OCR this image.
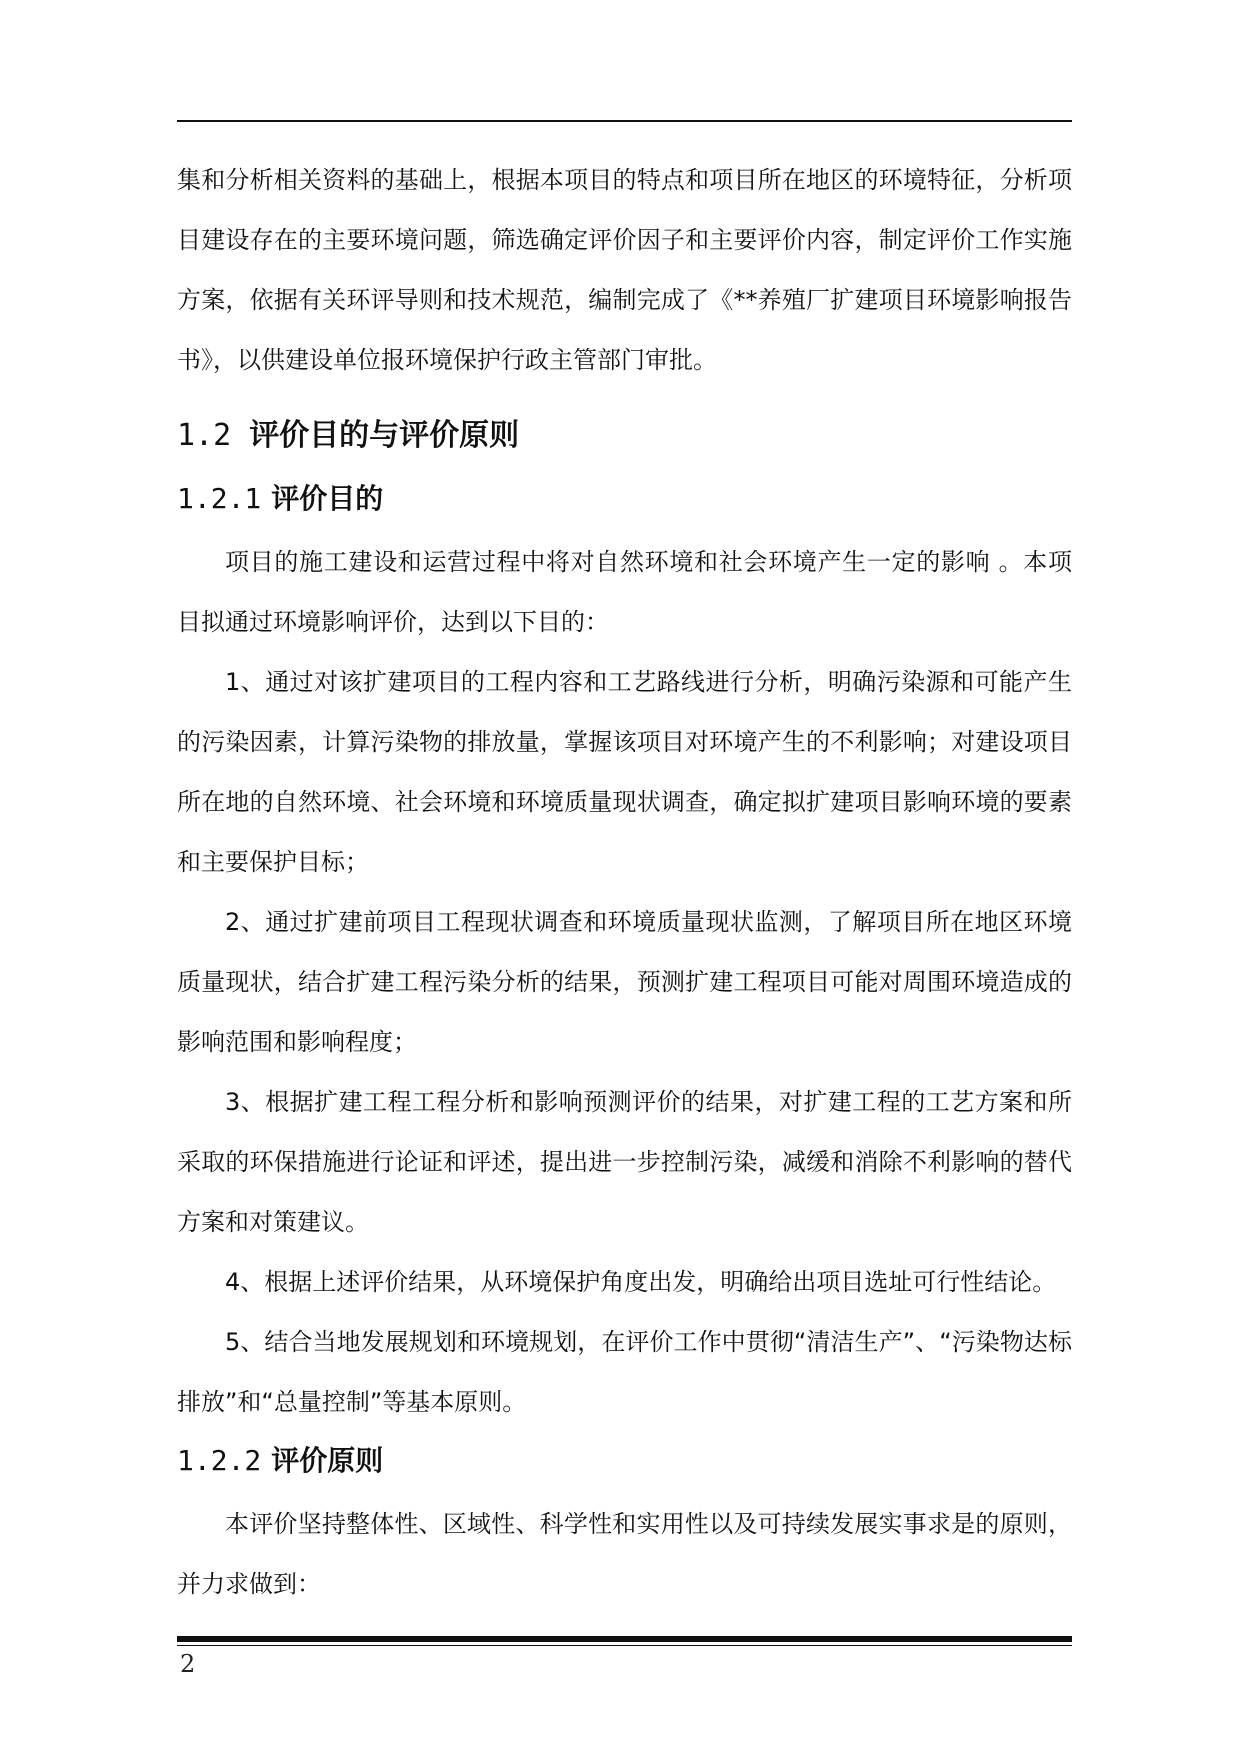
集和分析相关资料的基础上，根据本项目的特点和项目所在地区的环境特征，分析项目建设存在的主要环境问题，筛选确定评价因子和主要评价内容，制定评价工作实施方案，依据有关环评导则和技术规范，编制完成了《**养殖厂扩建项目环境影响报告书》，以供建设单位报环境保护行政主管部门审批。

1.2 评价目的与评价原则
1.2.1 评价目的

项目的施工建设和运营过程中将对自然环境和社会环境产生一定的影响 。本项目拟通过环境影响评价，达到以下目的：

1、通过对该扩建项目的工程内容和工艺路线进行分析，明确污染源和可能产生的污染因素，计算污染物的排放量，掌握该项目对环境产生的不利影响；对建设项目所在地的自然环境、社会环境和环境质量现状调查，确定拟扩建项目影响环境的要素和主要保护目标；

2、通过扩建前项目工程现状调查和环境质量现状监测，了解项目所在地区环境质量现状，结合扩建工程污染分析的结果，预测扩建工程项目可能对周围环境造成的影响范围和影响程度；

3、根据扩建工程工程分析和影响预测评价的结果，对扩建工程的工艺方案和所采取的环保措施进行论证和评述，提出进一步控制污染，减缓和消除不利影响的替代方案和对策建议。

4、根据上述评价结果，从环境保护角度出发，明确给出项目选址可行性结论。

5、结合当地发展规划和环境规划，在评价工作中贯彻“清洁生产”、“污染物达标排放”和“总量控制”等基本原则。

1.2.2 评价原则

本评价坚持整体性、区域性、科学性和实用性以及可持续发展实事求是的原则，并力求做到：

2
